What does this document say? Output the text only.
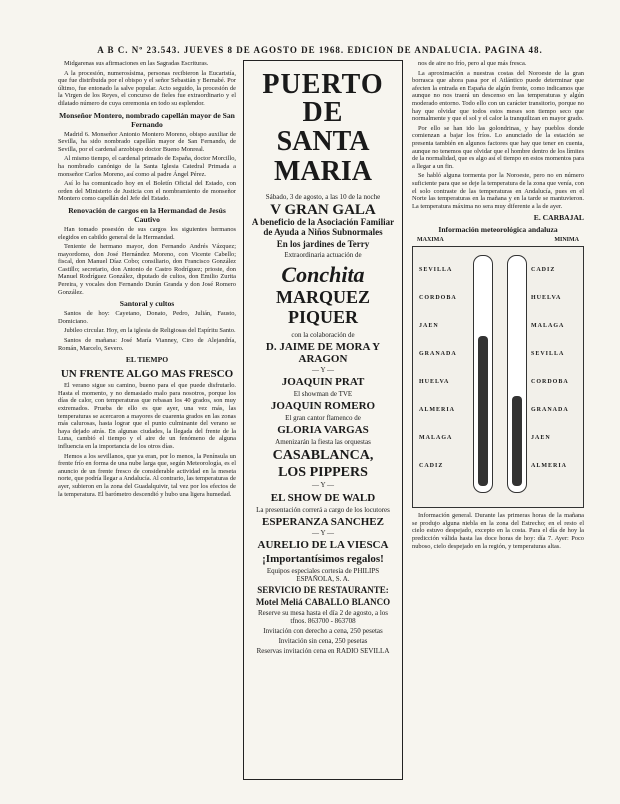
A B C. Nº 23.543. JUEVES 8 DE AGOSTO DE 1968. EDICION DE ANDALUCIA. PAGINA 48.

Midgarenas sus afirmaciones en las Sagradas Escrituras.

A la procesión, numerosísima, personas recibieron la Eucaristía, que fue distribuida por el obispo y el señor Sebastián y Bernabé. Por último, fue entonado la salve popular. Acto seguido, la procesión de la Virgen de los Reyes, el concurso de fieles fue extraordinario y el dilatado número de cuya ceremonia en todo su esplendor.

Monseñor Montero, nombrado capellán mayor de San Fernando

Madrid 6. Monseñor Antonio Montero Moreno, obispo auxiliar de Sevilla, ha sido nombrado capellán mayor de San Fernando, de Sevilla, por el cardenal arzobispo doctor Bueno Monreal.

Al mismo tiempo, el cardenal primado de España, doctor Morcillo, ha nombrado canónigo de la Santa Iglesia Catedral Primada a monseñor Carlos Moreno, así como al padre Ángel Pérez.

Así lo ha comunicado hoy en el Boletín Oficial del Estado, con orden del Ministerio de Justicia con el nombramiento de monseñor Montero como capellán del Jefe del Estado.

Renovación de cargos en la Hermandad de Jesús Cautivo

Han tomado posesión de sus cargos los siguientes hermanos elegidos en cabildo general de la Hermandad.

Teniente de hermano mayor, don Fernando Andrés Vázquez; mayordomo, don José Hernández Moreno, con Vicente Cabello; fiscal, don Manuel Díaz Cobo; consiliario, don Francisco González Castillo; secretario, don Antonio de Castro Rodríguez; prioste, don Manuel Rodríguez González, diputado de cultos, don Emilio Zurita Pereira, y vocales don Fernando Durán Granda y don José Romero González.

Santoral y cultos

Santos de hoy: Cayetano, Donato, Pedro, Julián, Fausto, Domiciano.

Jubileo circular. Hoy, en la iglesia de Religiosas del Espíritu Santo.

Santos de mañana: José María Vianney, Ciro de Alejandría, Román, Marcelo, Severo.

EL TIEMPO
UN FRENTE ALGO MAS FRESCO

El verano sigue su camino, bueno para el que puede disfrutarlo. Hasta el momento, y no demasiado malo para nosotros, porque los días de calor, con temperaturas que rebasan los 40 grados, son muy extremados. Prueba de ello es que ayer, una vez más, las temperaturas se acercaron a mayores de cuarenta grados en las zonas más calurosas, hasta lograr que el punto culminante del verano se haya dejado atrás. En algunas ciudades, la llegada del frente de la Luna, cambió el tiempo y el aire de un fenómeno de alguna influencia en la importancia de los otros días.

Hemos a los sevillanos, que ya eran, por lo menos, la Península un frente frío en forma de una nube larga que, según Meteorología, es el anuncio de un frente fresco de considerable actividad en la meseta norte, que podría llegar a Andalucía. Al contrario, las temperaturas de ayer, subieron en la zona del Guadalquivir, tal vez por los efectos de la temperatura. El barómetro descendió y hubo una ligera humedad.

PUERTO DE
SANTA MARIA
Sábado, 3 de agosto, a las 10 de la noche
V GRAN GALA
A beneficio de la Asociación Familiar de Ayuda a Niños Subnormales
En los jardines de Terry
Extraordinaria actuación de
Conchita
MARQUEZ PIQUER
con la colaboración de
D. JAIME DE MORA Y ARAGON
— Y —
JOAQUIN PRAT
El showman de TVE
JOAQUIN ROMERO
El gran cantor flamenco de
GLORIA VARGAS
Amenizarán la fiesta las orquestas
CASABLANCA,
LOS PIPPERS
— Y —
EL SHOW DE WALD
La presentación correrá a cargo de los locutores
ESPERANZA SANCHEZ
— Y —
AURELIO DE LA VIESCA
¡Importantísimos regalos!
Equipos especiales cortesía de PHILIPS ESPAÑOLA, S. A.
SERVICIO DE RESTAURANTE:
Motel Meliá CABALLO BLANCO
Reserve su mesa hasta el día 2 de agosto, a los tfnos. 863700 - 863708
Invitación con derecho a cena, 250 pesetas
Invitación sin cena, 250 pesetas
Reservas invitación cena en RADIO SEVILLA

nos de aire no frío, pero al que más fresca.

La aproximación a nuestras costas del Noroeste de la gran borrasca que ahora pasa por el Atlántico puede determinar que afecten la entrada en España de algún frente, como indicamos que aunque no nos traerá un descenso en las temperaturas y algún moderado entorno. Todo ello con un carácter transitorio, porque no hay que olvidar que todos estos meses son tiempo seco que normalmente y que el sol y el calor la tranquilizan en mayor grado.

Por ello se han ido las golondrinas, y hay pueblos donde comienzan a bajar los fríos. Lo anunciado de la estación se presenta también en algunos factores que hay que tener en cuenta, aunque no tenemos que olvidar que el hombre dentro de los límites de la normalidad, que es algo así el tiempo en estos momentos para a llegar a un fin.

Se habló alguna tormenta por la Noroeste, pero no en número suficiente para que se deje la temperatura de la zona que venía, con el solo contraste de las temperaturas en Andalucía, pues en el Norte las temperaturas en la mañana y en la tarde se mantuvieron. La temperatura máxima no sera muy diferente a la de ayer.

E. CARBAJAL
Información meteorológica andaluza
MAXIMA	MINIMA
SEVILLA
CORDOBA
JAEN
GRANADA
HUELVA
ALMERIA
MALAGA
CADIZ
CADIZ
HUELVA
MALAGA
SEVILLA
CORDOBA
GRANADA
JAEN
ALMERIA

Información general. Durante las primeras horas de la mañana se produjo alguna niebla en la zona del Estrecho; en el resto el cielo estuvo despejado, excepto en la costa. Para el día de hoy la predicción válida hasta las doce horas de hoy: día 7. Ayer: Poco nuboso, cielo despejado en la región, y temperaturas altas.
